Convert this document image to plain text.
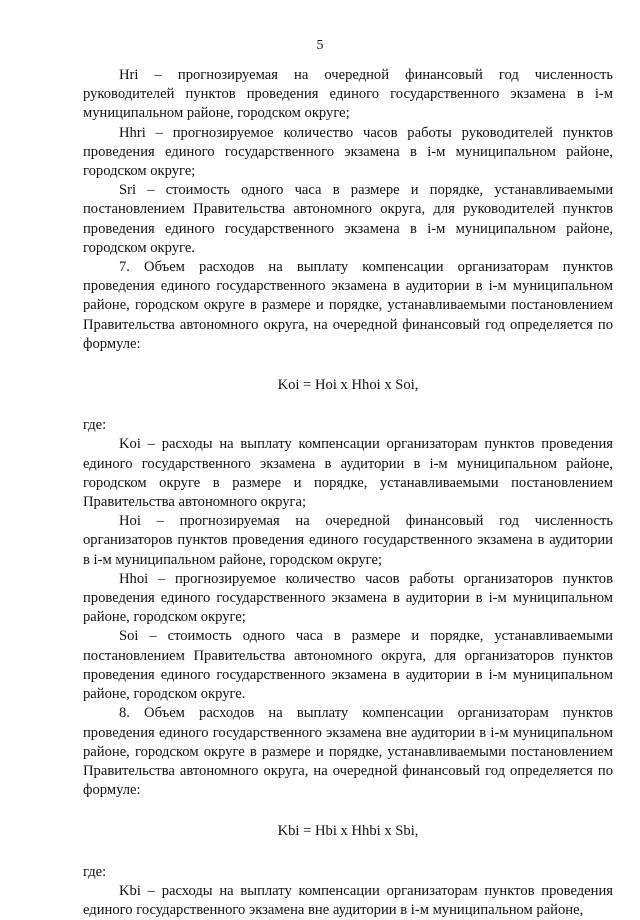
5

Hri – прогнозируемая на очередной финансовый год численность руководителей пунктов проведения единого государственного экзамена в i-м муниципальном районе, городском округе;

Hhri – прогнозируемое количество часов работы руководителей пунктов проведения единого государственного экзамена в i-м муниципальном районе, городском округе;

Sri – стоимость одного часа в размере и порядке, устанавливаемыми постановлением Правительства автономного округа, для руководителей пунктов проведения единого государственного экзамена в i-м муниципальном районе, городском округе.

7. Объем расходов на выплату компенсации организаторам пунктов проведения единого государственного экзамена в аудитории в i-м муниципальном районе, городском округе в размере и порядке, устанавливаемыми постановлением Правительства автономного округа, на очередной финансовый год определяется по формуле:

Koi = Hoi x Hhoi x Soi,

где:

Koi – расходы на выплату компенсации организаторам пунктов проведения единого государственного экзамена в аудитории в i-м муниципальном районе, городском округе в размере и порядке, устанавливаемыми постановлением Правительства автономного округа;

Hoi – прогнозируемая на очередной финансовый год численность организаторов пунктов проведения единого государственного экзамена в аудитории в i-м муниципальном районе, городском округе;

Hhoi – прогнозируемое количество часов работы организаторов пунктов проведения единого государственного экзамена в аудитории в i-м муниципальном районе, городском округе;

Soi – стоимость одного часа в размере и порядке, устанавливаемыми постановлением Правительства автономного округа, для организаторов пунктов проведения единого государственного экзамена в аудитории в i-м муниципальном районе, городском округе.

8. Объем расходов на выплату компенсации организаторам пунктов проведения единого государственного экзамена вне аудитории в i-м муниципальном районе, городском округе в размере и порядке, устанавливаемыми постановлением Правительства автономного округа, на очередной финансовый год определяется по формуле:

Kbi = Hbi x Hhbi x Sbi,

где:

Kbi – расходы на выплату компенсации организаторам пунктов проведения единого государственного экзамена вне аудитории в i-м муниципальном районе,
